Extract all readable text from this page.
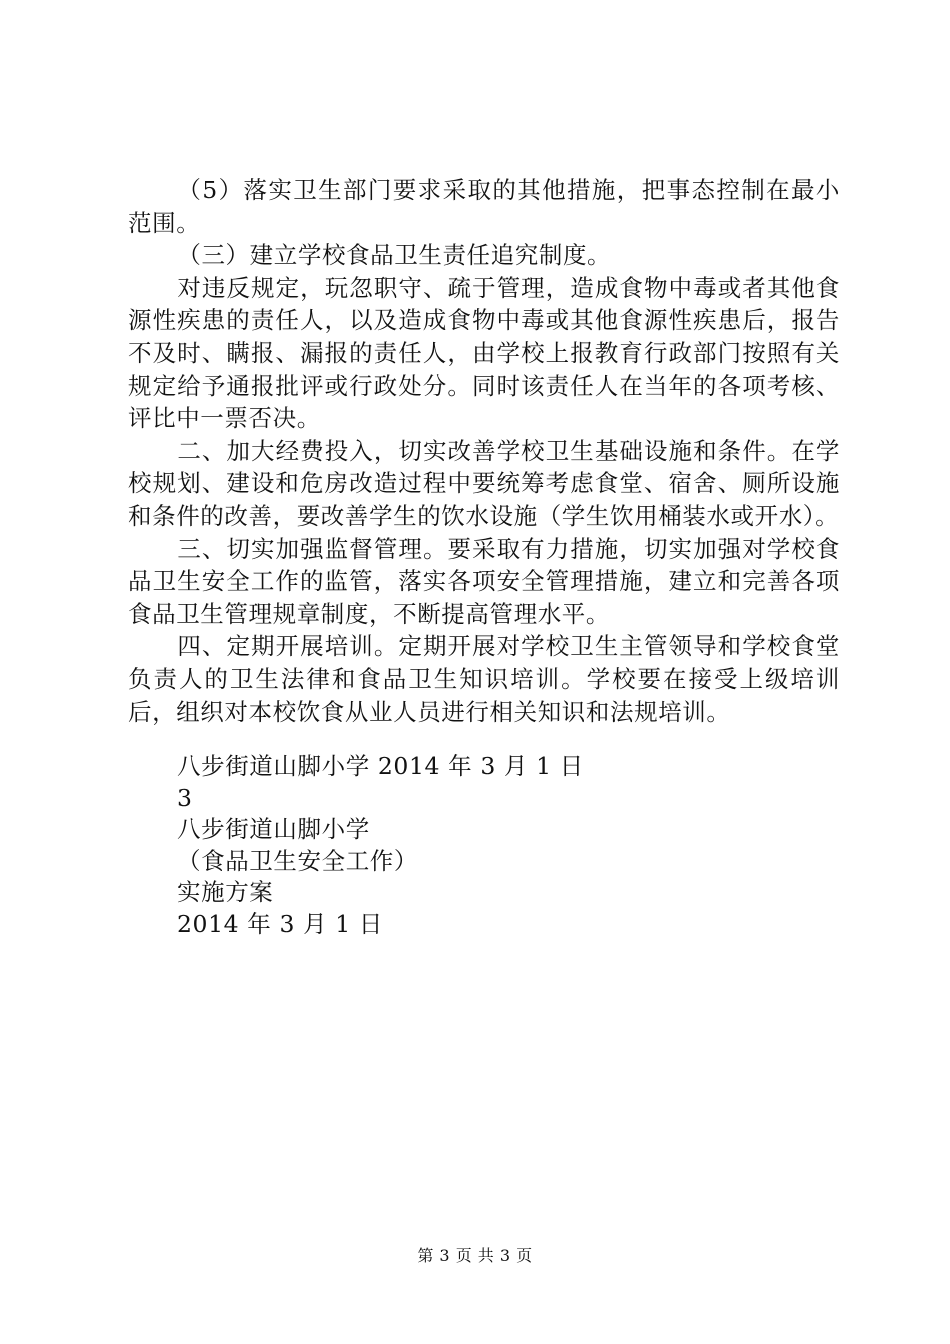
（5）落实卫生部门要求采取的其他措施，把事态控制在最小范围。

（三）建立学校食品卫生责任追究制度。

对违反规定，玩忽职守、疏于管理，造成食物中毒或者其他食源性疾患的责任人，以及造成食物中毒或其他食源性疾患后，报告不及时、瞒报、漏报的责任人，由学校上报教育行政部门按照有关规定给予通报批评或行政处分。同时该责任人在当年的各项考核、评比中一票否决。

二、加大经费投入，切实改善学校卫生基础设施和条件。在学校规划、建设和危房改造过程中要统筹考虑食堂、宿舍、厕所设施和条件的改善，要改善学生的饮水设施（学生饮用桶装水或开水）。

三、切实加强监督管理。要采取有力措施，切实加强对学校食品卫生安全工作的监管，落实各项安全管理措施，建立和完善各项食品卫生管理规章制度，不断提高管理水平。

四、定期开展培训。定期开展对学校卫生主管领导和学校食堂负责人的卫生法律和食品卫生知识培训。学校要在接受上级培训后，组织对本校饮食从业人员进行相关知识和法规培训。

八步街道山脚小学 2014 年 3 月 1 日
3
八步街道山脚小学
（食品卫生安全工作）
实施方案
2014 年 3 月 1 日
第 3 页 共 3 页
